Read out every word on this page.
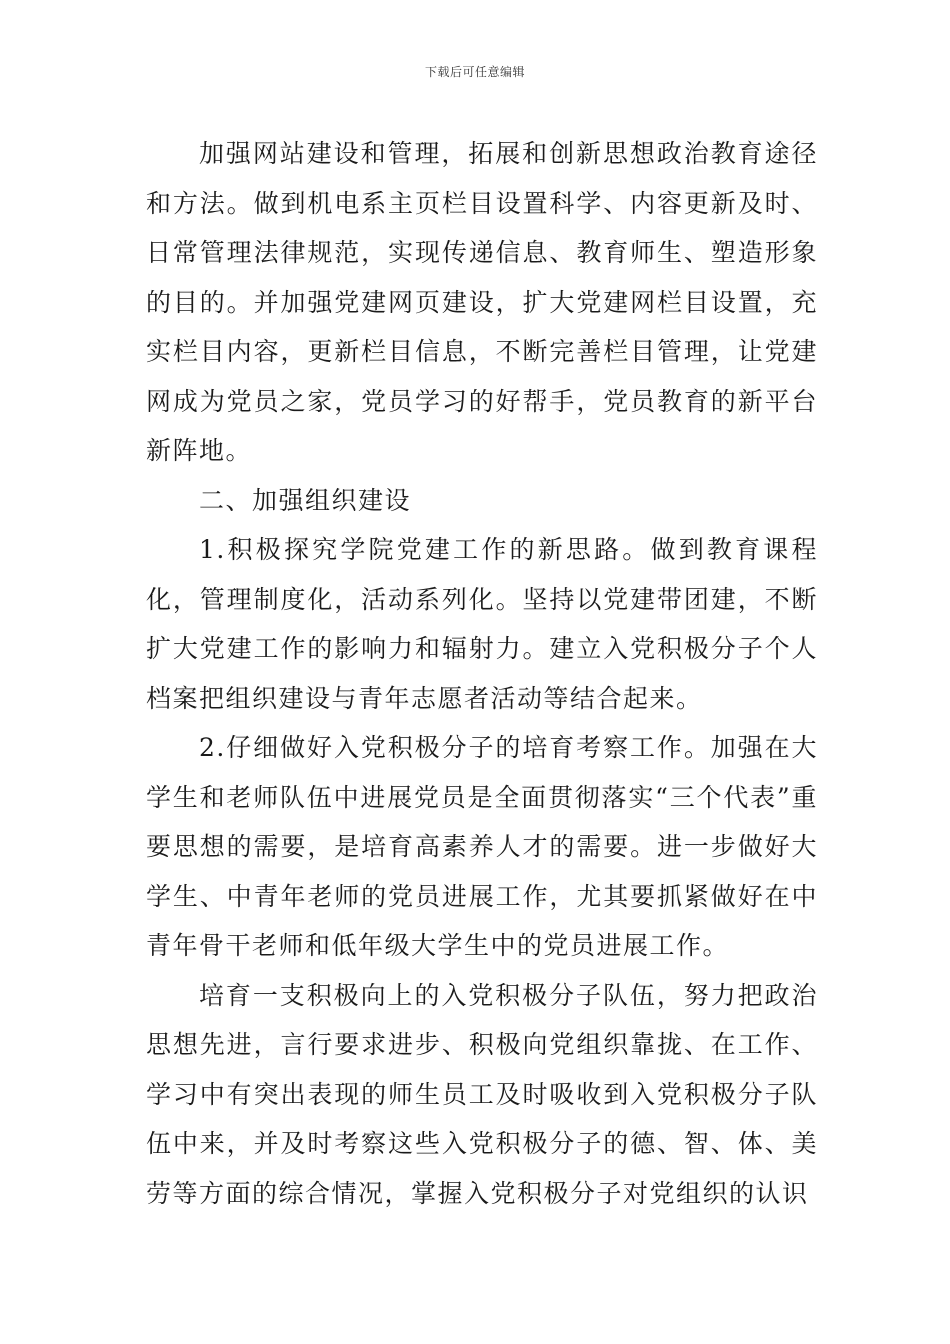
下载后可任意编辑

加强网站建设和管理，拓展和创新思想政治教育途径和方法。做到机电系主页栏目设置科学、内容更新及时、日常管理法律规范，实现传递信息、教育师生、塑造形象的目的。并加强党建网页建设，扩大党建网栏目设置，充实栏目内容，更新栏目信息，不断完善栏目管理，让党建网成为党员之家，党员学习的好帮手，党员教育的新平台新阵地。

二、加强组织建设

1.积极探究学院党建工作的新思路。做到教育课程化，管理制度化，活动系列化。坚持以党建带团建，不断扩大党建工作的影响力和辐射力。建立入党积极分子个人档案把组织建设与青年志愿者活动等结合起来。

2.仔细做好入党积极分子的培育考察工作。加强在大学生和老师队伍中进展党员是全面贯彻落实“三个代表”重要思想的需要，是培育高素养人才的需要。进一步做好大学生、中青年老师的党员进展工作，尤其要抓紧做好在中青年骨干老师和低年级大学生中的党员进展工作。

培育一支积极向上的入党积极分子队伍，努力把政治思想先进，言行要求进步、积极向党组织靠拢、在工作、学习中有突出表现的师生员工及时吸收到入党积极分子队伍中来，并及时考察这些入党积极分子的德、智、体、美劳等方面的综合情况，掌握入党积极分子对党组织的认识
